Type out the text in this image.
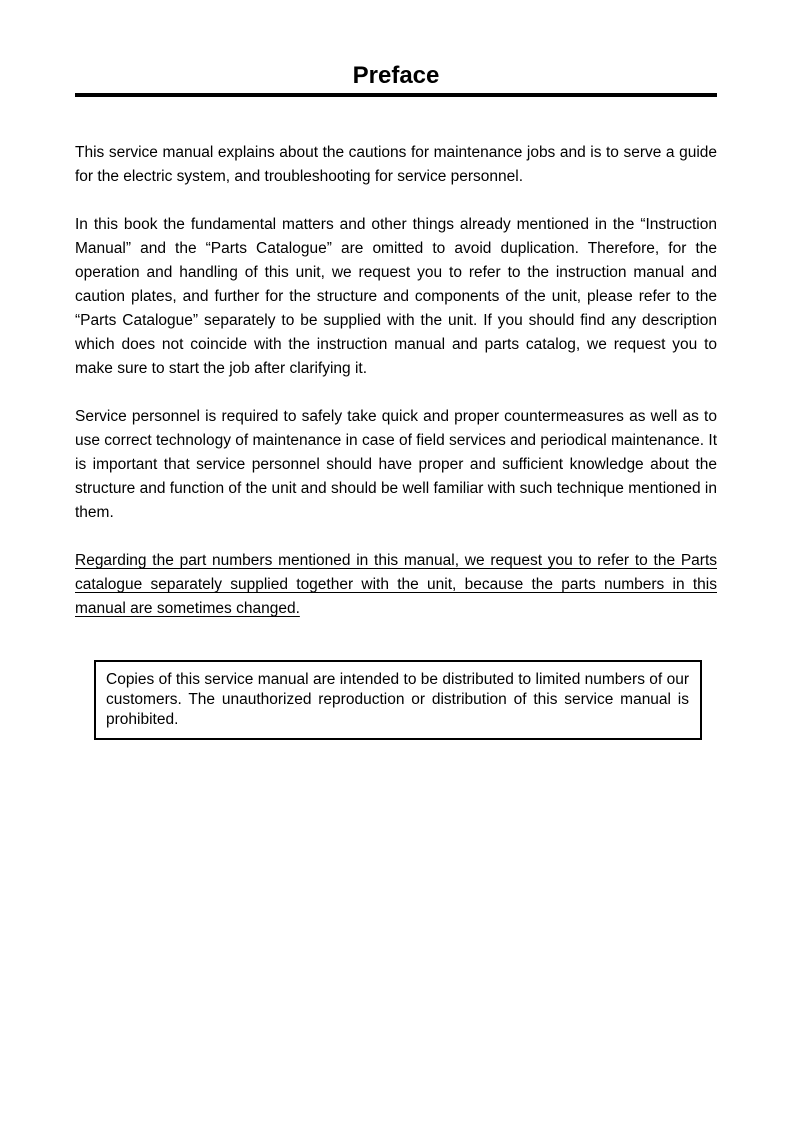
Preface

This service manual explains about the cautions for maintenance jobs and is to serve a guide for the electric system, and troubleshooting for service personnel.

In this book the fundamental matters and other things already mentioned in the “Instruction Manual” and the “Parts Catalogue” are omitted to avoid duplication. Therefore, for the operation and handling of this unit, we request you to refer to the instruction manual and caution plates, and further for the structure and components of the unit, please refer to the “Parts Catalogue” separately to be supplied with the unit. If you should find any description which does not coincide with the instruction manual and parts catalog, we request you to make sure to start the job after clarifying it.

Service personnel is required to safely take quick and proper countermeasures as well as to use correct technology of maintenance in case of field services and periodical maintenance. It is important that service personnel should have proper and sufficient knowledge about the structure and function of the unit and should be well familiar with such technique mentioned in them.

Regarding the part numbers mentioned in this manual, we request you to refer to the Parts catalogue separately supplied together with the unit, because the parts numbers in this manual are sometimes changed.

Copies of this service manual are intended to be distributed to limited numbers of our customers. The unauthorized reproduction or distribution of this service manual is prohibited.
